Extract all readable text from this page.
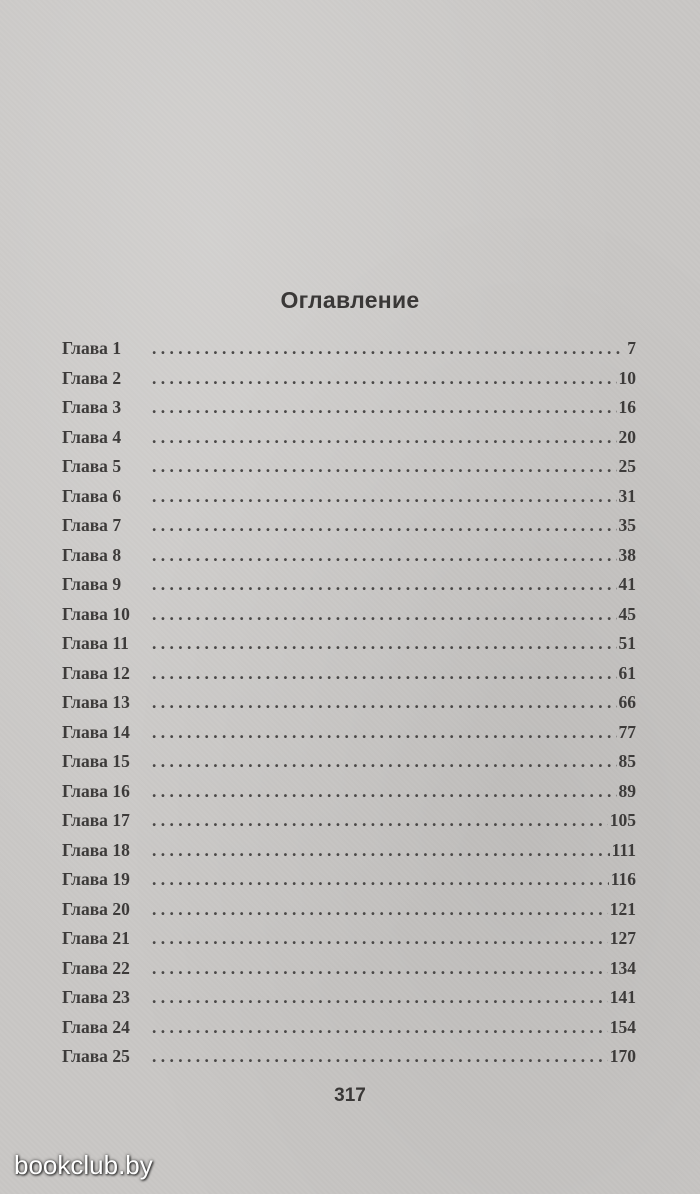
Оглавление
Глава 1 . . .	7
Глава 2 . . .	10
Глава 3 . . .	16
Глава 4 . . .	20
Глава 5 . . .	25
Глава 6 . . .	31
Глава 7 . . .	35
Глава 8 . . .	38
Глава 9 . . .	41
Глава 10 . . .	45
Глава 11 . . .	51
Глава 12 . . .	61
Глава 13 . . .	66
Глава 14 . . .	77
Глава 15 . . .	85
Глава 16 . . .	89
Глава 17 . . .	105
Глава 18 . . .	111
Глава 19 . . .	116
Глава 20 . . .	121
Глава 21 . . .	127
Глава 22 . . .	134
Глава 23 . . .	141
Глава 24 . . .	154
Глава 25 . . .	170
317
bookclub.by
